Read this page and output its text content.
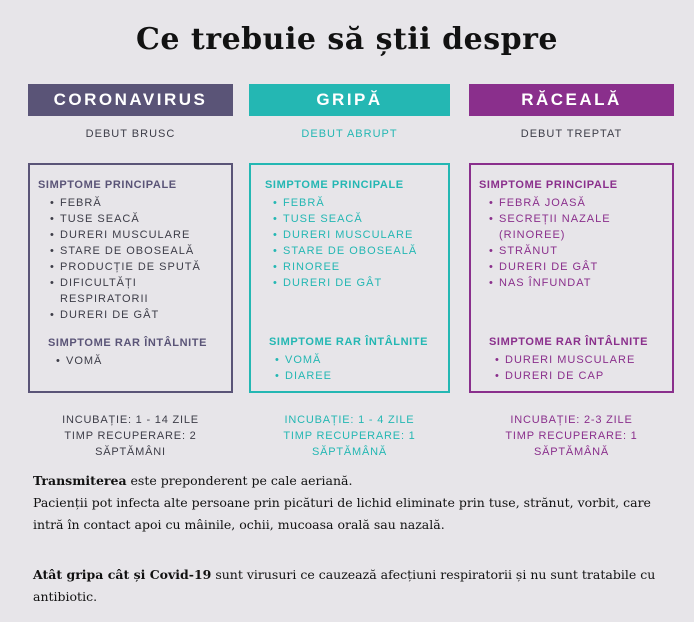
Ce trebuie să știi despre
CORONAVIRUS
DEBUT BRUSC
SIMPTOME PRINCIPALE
• FEBRĂ
• TUSE SEACĂ
• DURERI MUSCULARE
• STARE DE OBOSEALĂ
• PRODUCȚIE DE SPUTĂ
• DIFICULTĂȚI
RESPIRATORII
• DURERI DE GÂT
SIMPTOME RAR ÎNTÂLNITE
• VOMĂ
INCUBAȚIE: 1 - 14 ZILE
TIMP RECUPERARE: 2 SĂPTĂMÂNI
GRIPĂ
DEBUT ABRUPT
SIMPTOME PRINCIPALE
• FEBRĂ
• TUSE SEACĂ
• DURERI MUSCULARE
• STARE DE OBOSEALĂ
• RINOREE
• DURERI DE GÂT
SIMPTOME RAR ÎNTÂLNITE
• VOMĂ
• DIAREE
INCUBAȚIE: 1 - 4 ZILE
TIMP RECUPERARE: 1 SĂPTĂMÂNĂ
RĂCEALĂ
DEBUT TREPTAT
SIMPTOME PRINCIPALE
• FEBRĂ JOASĂ
• SECREȚII NAZALE
(RINOREE)
• STRĂNUT
• DURERI DE GÂT
• NAS ÎNFUNDAT
SIMPTOME RAR ÎNTÂLNITE
• DURERI MUSCULARE
• DURERI DE CAP
INCUBAȚIE: 2-3 ZILE
TIMP RECUPERARE: 1 SĂPTĂMÂNĂ
Transmiterea este preponderent pe cale aeriană.
Pacienții pot infecta alte persoane prin picături de lichid eliminate prin tuse, strănut, vorbit, care intră în contact apoi cu mâinile, ochii, mucoasa orală sau nazală.
Atât gripa cât și Covid-19 sunt virusuri ce cauzează afecțiuni respiratorii și nu sunt tratabile cu antibiotic.
